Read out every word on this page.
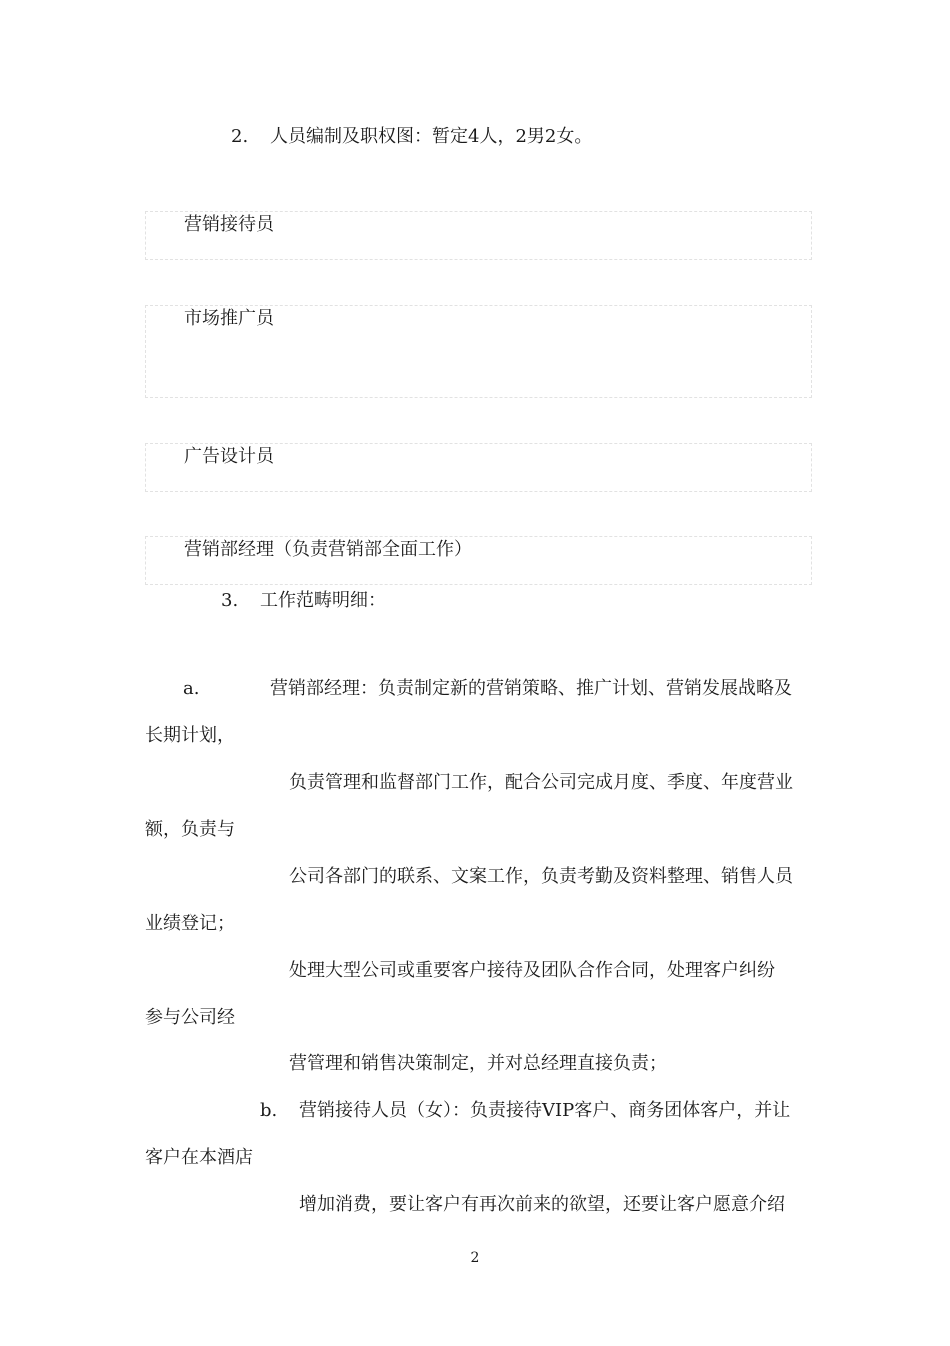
2. 人员编制及职权图：暂定4人，2男2女。
营销接待员
市场推广员
广告设计员
营销部经理（负责营销部全面工作）
3. 工作范畴明细：
a.	营销部经理：负责制定新的营销策略、推广计划、营销发展战略及
长期计划，
负责管理和监督部门工作，配合公司完成月度、季度、年度营业
额，负责与
公司各部门的联系、文案工作，负责考勤及资料整理、销售人员
业绩登记；
处理大型公司或重要客户接待及团队合作合同，处理客户纠纷
参与公司经
营管理和销售决策制定，并对总经理直接负责；
b. 营销接待人员（女）：负责接待VIP客户、商务团体客户，并让
客户在本酒店
增加消费，要让客户有再次前来的欲望，还要让客户愿意介绍
2
